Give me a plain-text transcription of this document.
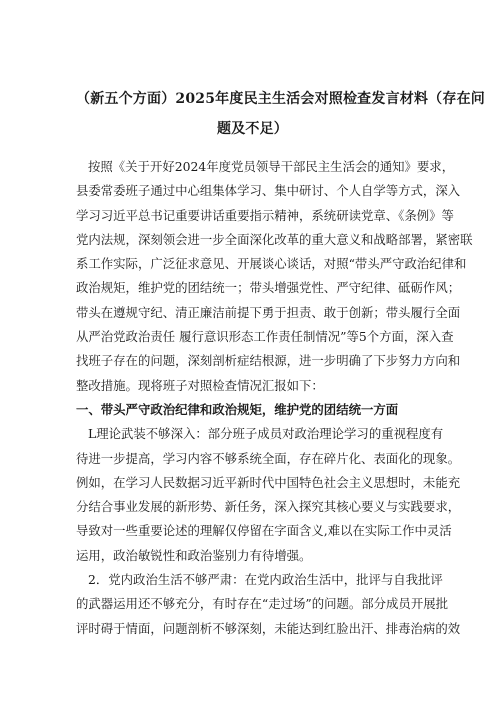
（新五个方面）2025年度民主生活会对照检查发言材料（存在问
题及不足）
按照《关于开好2024年度党员领导干部民主生活会的通知》要求，
县委常委班子通过中心组集体学习、集中研讨、个人自学等方式，深入
学习习近平总书记重要讲话重要指示精神，系统研读党章、《条例》等
党内法规，深刻领会进一步全面深化改革的重大意义和战略部署，紧密联
系工作实际，广泛征求意见、开展谈心谈话，对照“带头严守政治纪律和
政治规矩，维护党的团结统一；带头增强党性、严守纪律、砥砺作风；
带头在遵规守纪、清正廉洁前提下勇于担责、敢于创新；带头履行全面
从严治党政治责任 履行意识形态工作责任制情况”等5个方面，深入查
找班子存在的问题，深刻剖析症结根源，进一步明确了下步努力方向和
整改措施。现将班子对照检查情况汇报如下：
一、带头严守政治纪律和政治规矩，维护党的团结统一方面
L理论武装不够深入：部分班子成员对政治理论学习的重视程度有
待进一步提高，学习内容不够系统全面，存在碎片化、表面化的现象。
例如，在学习人民数据习近平新时代中国特色社会主义思想时，未能充
分结合事业发展的新形势、新任务，深入探究其核心要义与实践要求，
导致对一些重要论述的理解仅停留在字面含义,难以在实际工作中灵活
运用，政治敏锐性和政治鉴别力有待增强。
2．党内政治生活不够严肃：在党内政治生活中，批评与自我批评
的武器运用还不够充分，有时存在“走过场”的问题。部分成员开展批
评时碍于情面，问题剖析不够深刻，未能达到红脸出汗、排毒治病的效
